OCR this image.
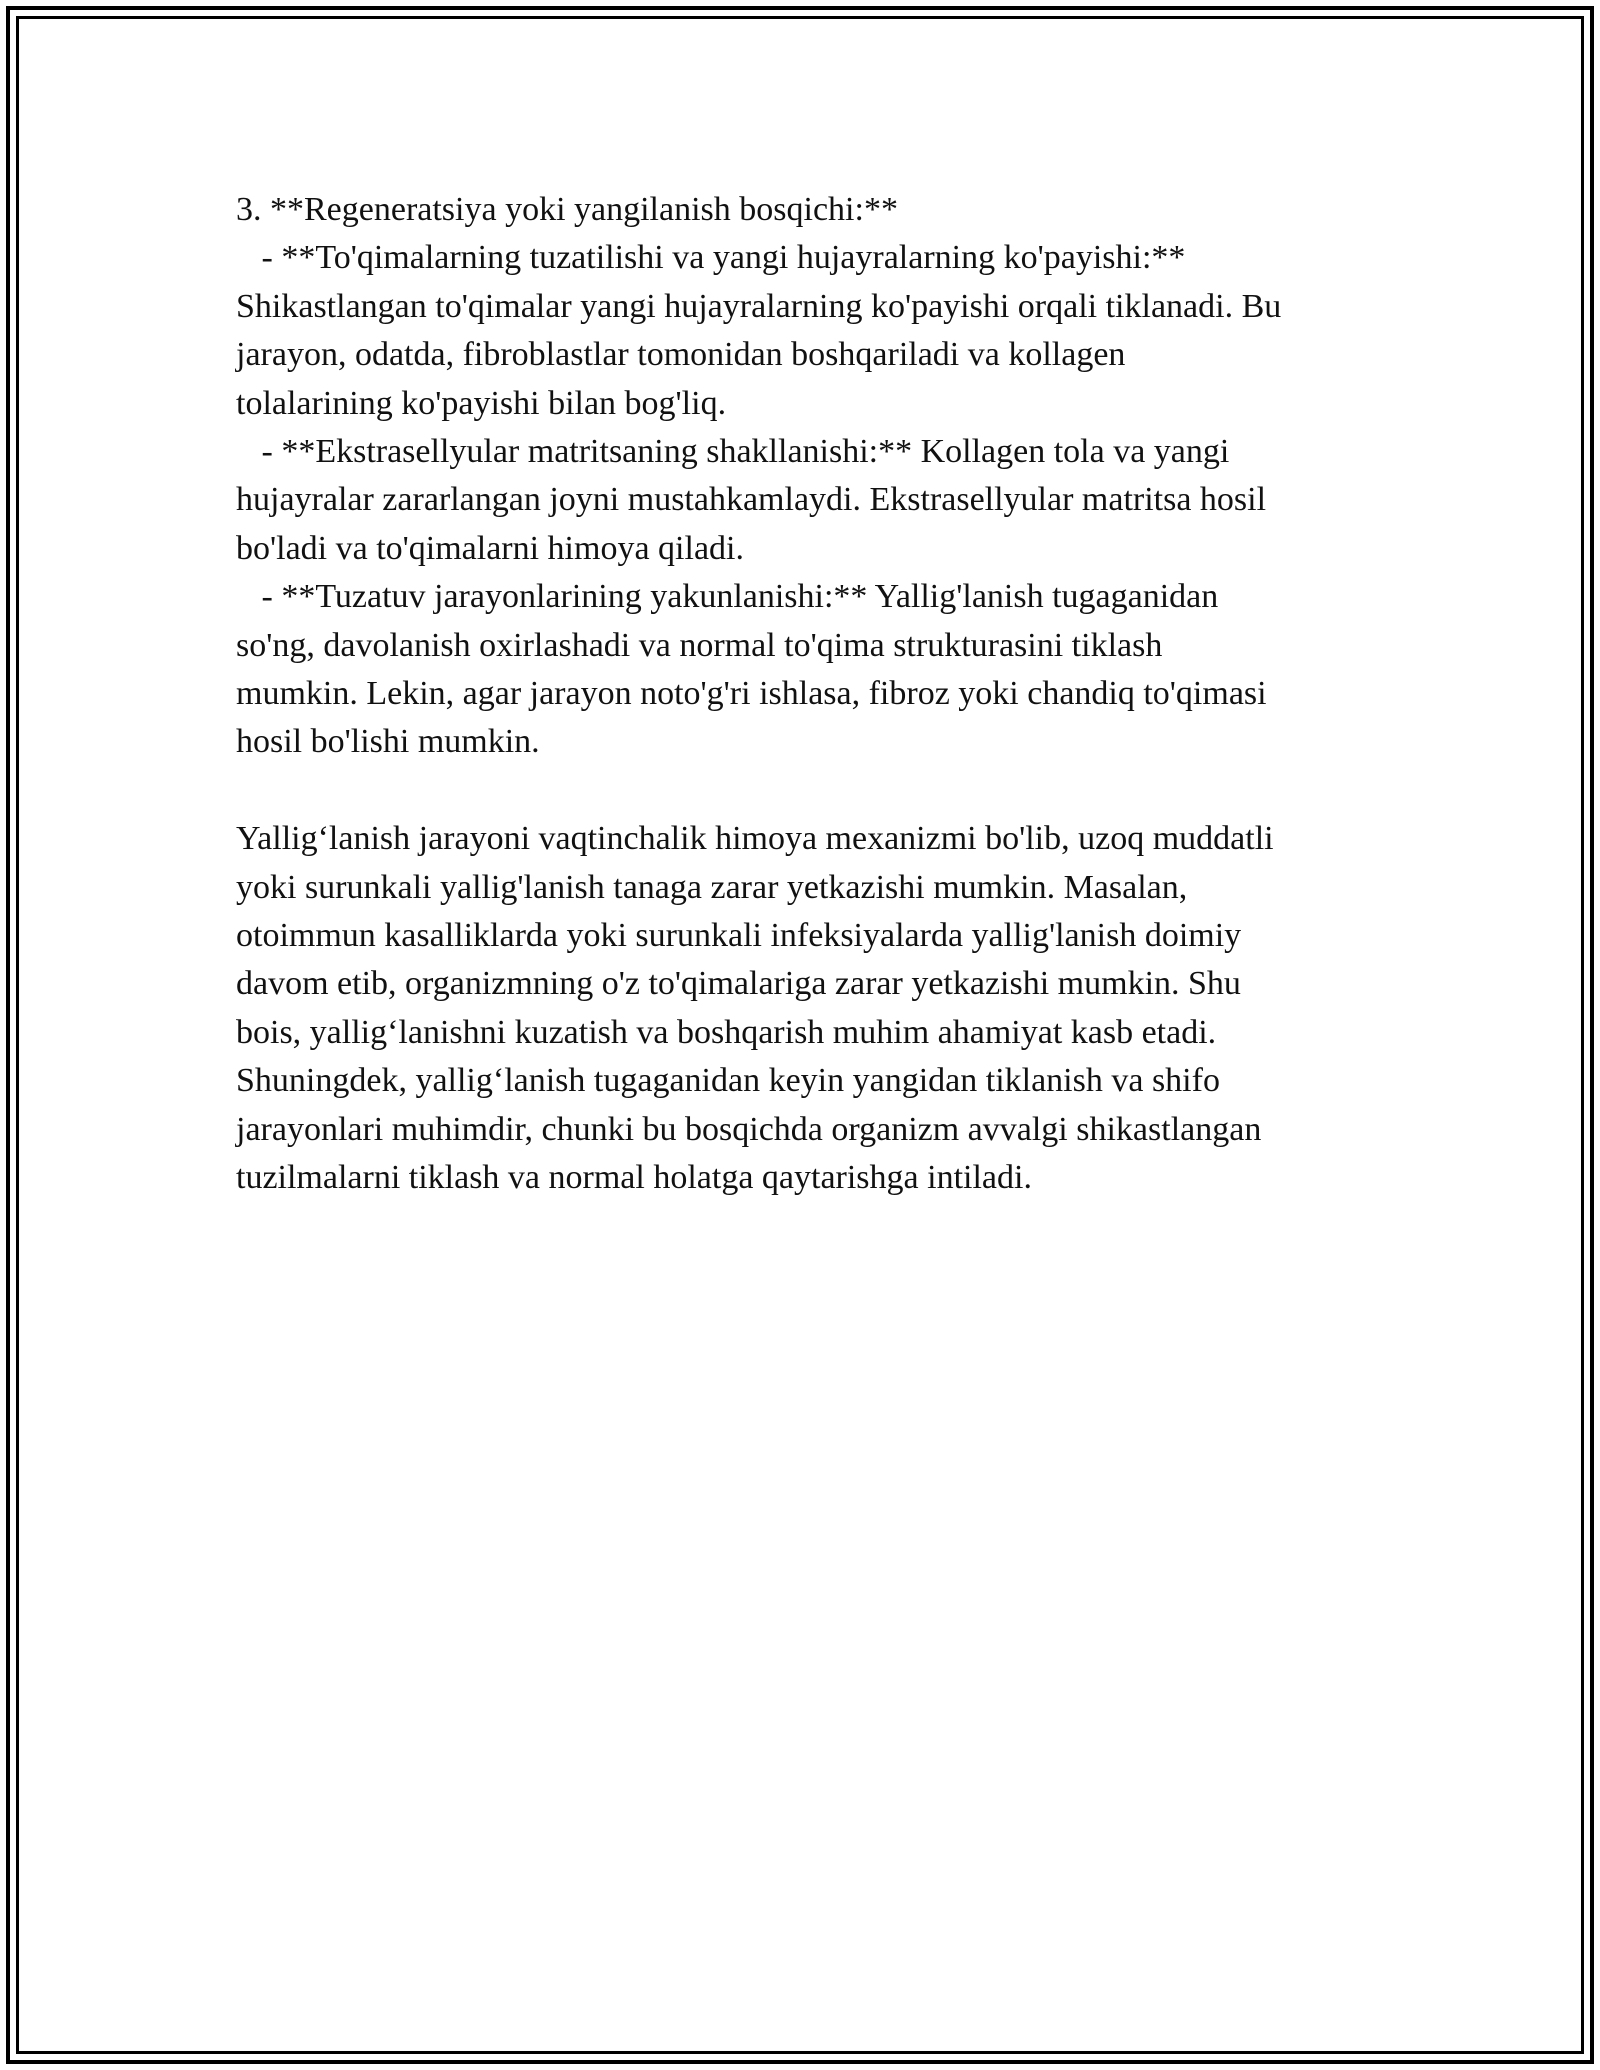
3. **Regeneratsiya yoki yangilanish bosqichi:**
- **To'qimalarning tuzatilishi va yangi hujayralarning ko'payishi:**
Shikastlangan to'qimalar yangi hujayralarning ko'payishi orqali tiklanadi. Bu
jarayon, odatda, fibroblastlar tomonidan boshqariladi va kollagen
tolalarining ko'payishi bilan bog'liq.
- **Ekstrasellyular matritsaning shakllanishi:** Kollagen tola va yangi
hujayralar zararlangan joyni mustahkamlaydi. Ekstrasellyular matritsa hosil
bo'ladi va to'qimalarni himoya qiladi.
- **Tuzatuv jarayonlarining yakunlanishi:** Yallig'lanish tugaganidan
so'ng, davolanish oxirlashadi va normal to'qima strukturasini tiklash
mumkin. Lekin, agar jarayon noto'g'ri ishlasa, fibroz yoki chandiq to'qimasi
hosil bo'lishi mumkin.
Yallig‘lanish jarayoni vaqtinchalik himoya mexanizmi bo'lib, uzoq muddatli
yoki surunkali yallig'lanish tanaga zarar yetkazishi mumkin. Masalan,
otoimmun kasalliklarda yoki surunkali infeksiyalarda yallig'lanish doimiy
davom etib, organizmning o'z to'qimalariga zarar yetkazishi mumkin. Shu
bois, yallig‘lanishni kuzatish va boshqarish muhim ahamiyat kasb etadi.
Shuningdek, yallig‘lanish tugaganidan keyin yangidan tiklanish va shifo
jarayonlari muhimdir, chunki bu bosqichda organizm avvalgi shikastlangan
tuzilmalarni tiklash va normal holatga qaytarishga intiladi.
